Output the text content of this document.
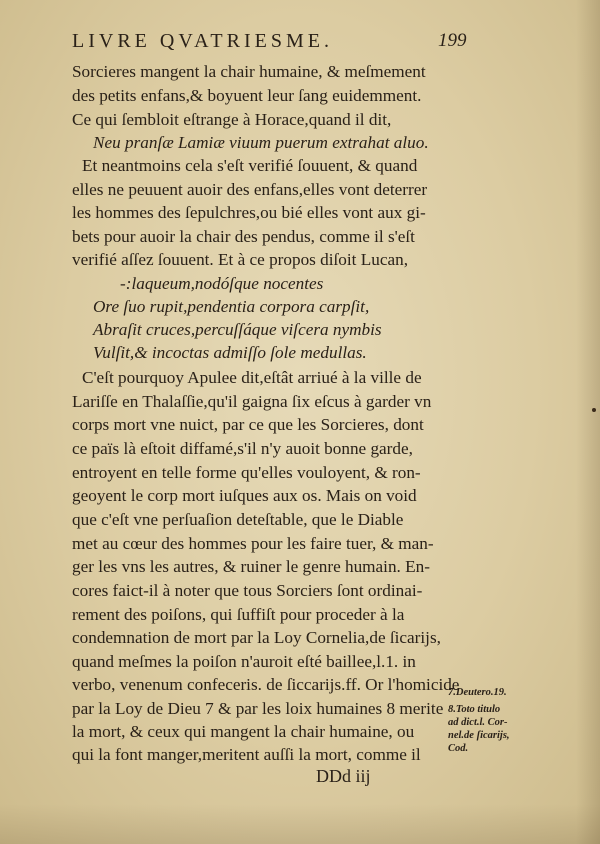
LIVRE QVATRIESME.	199
Sorcieres mangent la chair humaine, & meſmement
des petits enfans,& boyuent leur ſang euidemment.
Ce qui ſembloit eſtrange à Horace,quand il dit,
Neu pranſæ Lamiæ viuum puerum extrahat aluo.
Et neantmoins cela s'eſt verifié ſouuent, & quand
elles ne peuuent auoir des enfans,elles vont deterrer
les hommes des ſepulchres,ou bié elles vont aux gi-
bets pour auoir la chair des pendus, comme il s'eſt
verifié aſſez ſouuent. Et à ce propos diſoit Lucan,
-:laqueum,nodóſque nocentes
Ore ſuo rupit,pendentia corpora carpſit,
Abraſit cruces,percuſſáque viſcera nymbis
Vulſit,& incoctas admiſſo ſole medullas.
C'eſt pourquoy Apulee dit,eſtât arriué à la ville de
Lariſſe en Thalaſſie,qu'il gaigna ſix eſcus à garder vn
corps mort vne nuict, par ce que les Sorcieres, dont
ce païs là eſtoit diffamé,s'il n'y auoit bonne garde,
entroyent en telle forme qu'elles vouloyent, & ron-
geoyent le corp mort iuſques aux os. Mais on void
que c'eſt vne perſuaſion deteſtable, que le Diable
met au cœur des hommes pour les faire tuer, & man-
ger les vns les autres, & ruiner le genre humain. En-
cores faict-il à noter que tous Sorciers ſont ordinai-
rement des poiſons, qui ſuffiſt pour proceder à la
condemnation de mort par la Loy Cornelia,de ſicarijs,
quand meſmes la poiſon n'auroit eſté baillee,l.1. in
verbo, venenum confeceris. de ſiccarijs.ff. Or l'homicide
par la Loy de Dieu 7 & par les loix humaines 8 merite
la mort, & ceux qui mangent la chair humaine, ou
qui la font manger,meritent auſſi la mort, comme il
7.Deutero.19.
8.Toto titulo
ad dict.l. Cor-
nel.de ſicarijs,
Cod.
DDd iij
